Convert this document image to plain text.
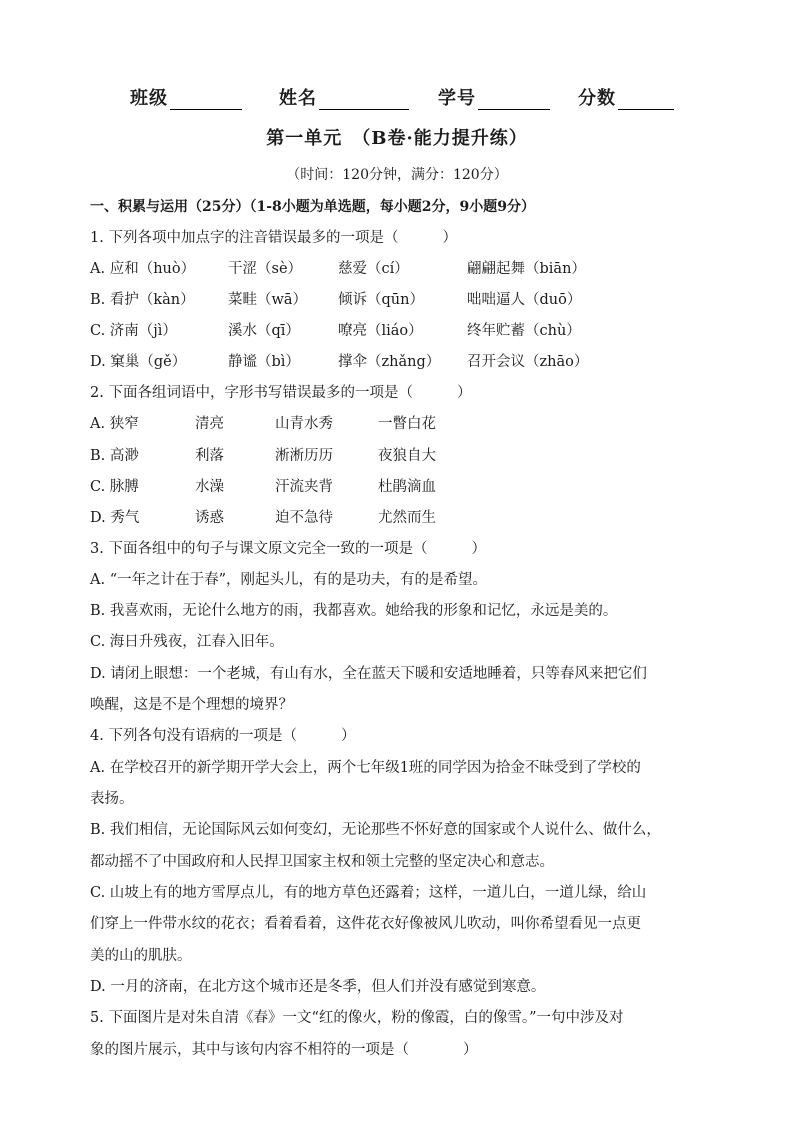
班级	姓名	学号	分数
第一单元　（B卷·能力提升练）
（时间：120分钟，满分：120分）
一、积累与运用（25分）（1-8小题为单选题，每小题2分，9小题9分）
1. 下列各项中加点字的注音错误最多的一项是（	）
A. 应和（huò） 干涩（sè） 慈爱（cí）	翩翩起舞（biān）
B. 看护（kàn） 菜畦（wā） 倾诉（qūn）	咄咄逼人（duō）
C. 济南（jì）	溪水（qī）	嘹亮（liáo）	终年贮蓄（chù）
D. 窠巢（gě）	静谧（bì）	撑伞（zhǎng） 召开会议（zhāo）
2. 下面各组词语中，字形书写错误最多的一项是（	）
A. 狭窄	清亮	山青水秀	一瞥白花
B. 高渺	利落	淅淅历历	夜狼自大
C. 脉膊	水澡	汗流夹背	杜鹃滴血
D. 秀气	诱惑	迫不急待	尤然而生
3. 下面各组中的句子与课文原文完全一致的一项是（	）
A. “一年之计在于春”，刚起头儿，有的是功夫，有的是希望。
B. 我喜欢雨，无论什么地方的雨，我都喜欢。她给我的形象和记忆，永远是美的。
C. 海日升残夜，江春入旧年。
D. 请闭上眼想：一个老城，有山有水，全在蓝天下暖和安适地睡着，只等春风来把它们
唤醒，这是不是个理想的境界？
4. 下列各句没有语病的一项是（	）
A. 在学校召开的新学期开学大会上，两个七年级1班的同学因为拾金不昧受到了学校的
表扬。
B. 我们相信，无论国际风云如何变幻，无论那些不怀好意的国家或个人说什么、做什么，
都动摇不了中国政府和人民捍卫国家主权和领土完整的坚定决心和意志。
C. 山坡上有的地方雪厚点儿，有的地方草色还露着；这样，一道儿白，一道儿绿，给山
们穿上一件带水纹的花衣；看着看着，这件花衣好像被风儿吹动，叫你希望看见一点更
美的山的肌肤。
D. 一月的济南，在北方这个城市还是冬季，但人们并没有感觉到寒意。
5. 下面图片是对朱自清《春》一文“红的像火，粉的像霞，白的像雪。”一句中涉及对
象的图片展示，其中与该句内容不相符的一项是（	）
